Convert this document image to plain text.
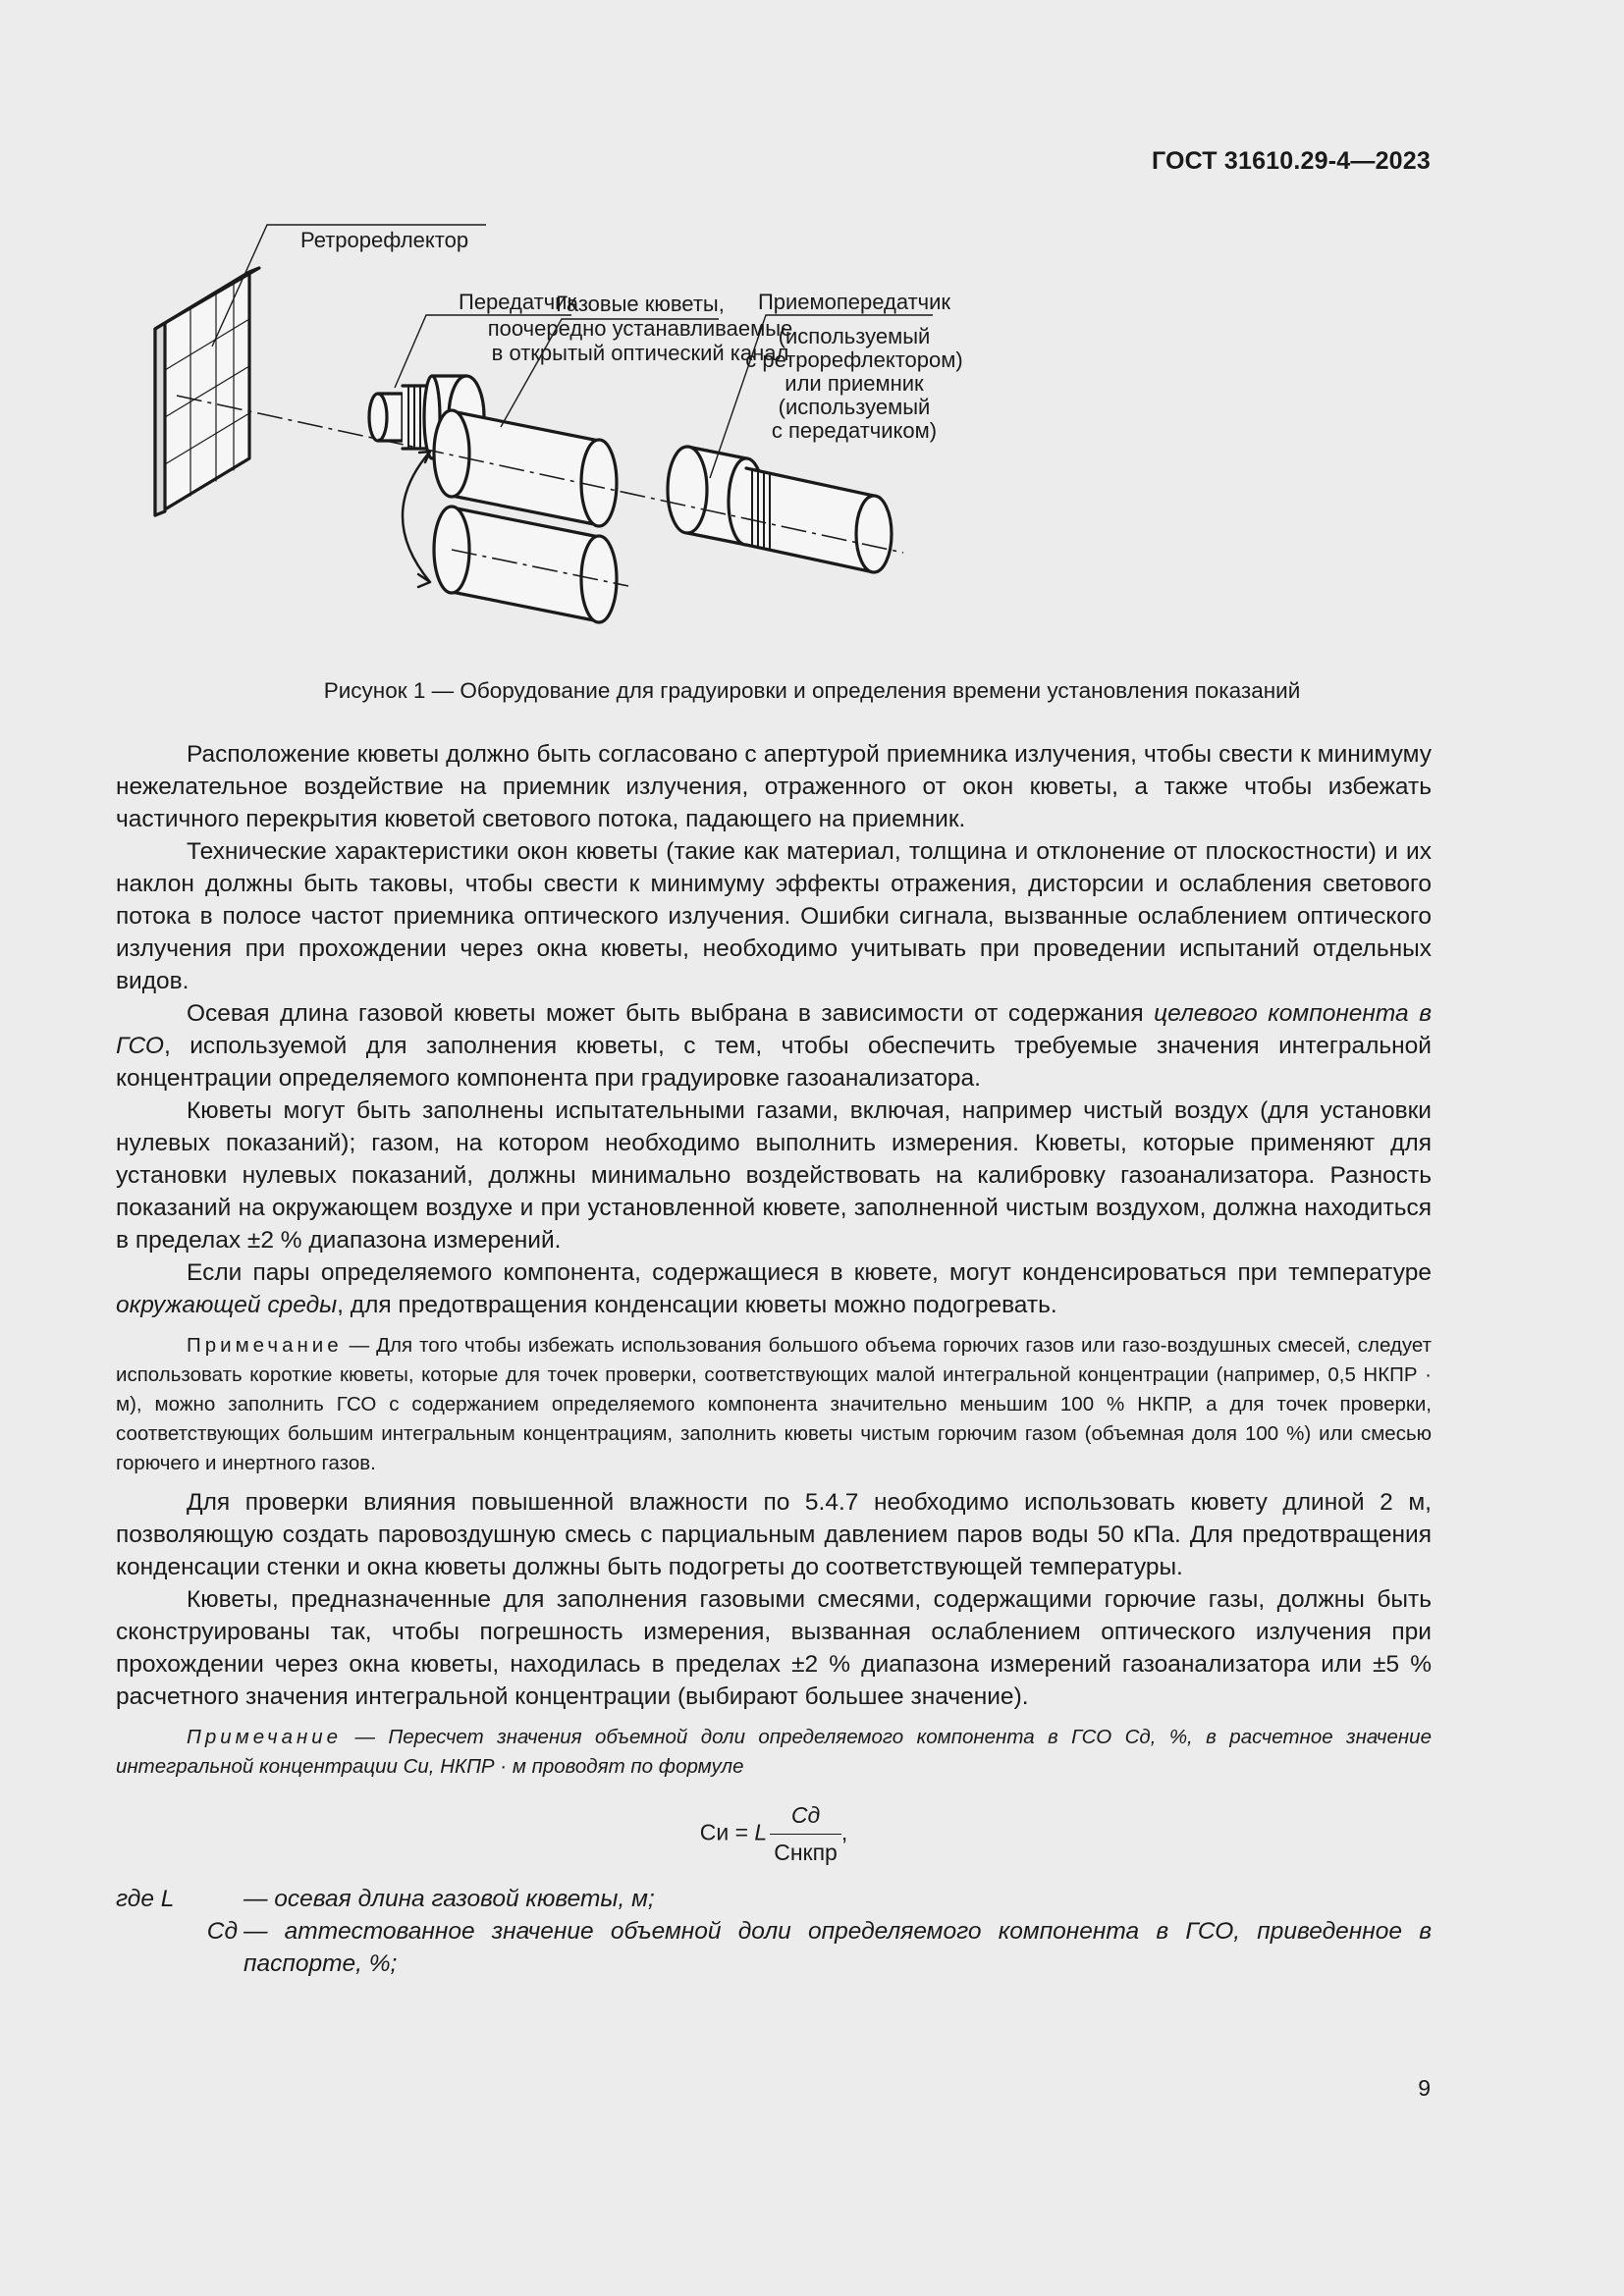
ГОСТ 31610.29-4—2023
Ретрорефлектор
Передатчик
Газовые кюветы,
поочередно устанавливаемые
в открытый оптический канал
Приемопередатчик
(используемый
с ретрорефлектором)
или приемник
(используемый
с передатчиком)
Рисунок 1 — Оборудование для градуировки и определения времени установления показаний

Расположение кюветы должно быть согласовано с апертурой приемника излучения, чтобы свести к минимуму нежелательное воздействие на приемник излучения, отраженного от окон кюветы, а также чтобы избежать частичного перекрытия кюветой светового потока, падающего на приемник.

Технические характеристики окон кюветы (такие как материал, толщина и отклонение от плоскостности) и их наклон должны быть таковы, чтобы свести к минимуму эффекты отражения, дисторсии и ослабления светового потока в полосе частот приемника оптического излучения. Ошибки сигнала, вызванные ослаблением оптического излучения при прохождении через окна кюветы, необходимо учитывать при проведении испытаний отдельных видов.

Осевая длина газовой кюветы может быть выбрана в зависимости от содержания целевого компонента в ГСО, используемой для заполнения кюветы, с тем, чтобы обеспечить требуемые значения интегральной концентрации определяемого компонента при градуировке газоанализатора.

Кюветы могут быть заполнены испытательными газами, включая, например чистый воздух (для установки нулевых показаний); газом, на котором необходимо выполнить измерения. Кюветы, которые применяют для установки нулевых показаний, должны минимально воздействовать на калибровку газоанализатора. Разность показаний на окружающем воздухе и при установленной кювете, заполненной чистым воздухом, должна находиться в пределах ±2 % диапазона измерений.

Если пары определяемого компонента, содержащиеся в кювете, могут конденсироваться при температуре окружающей среды, для предотвращения конденсации кюветы можно подогревать.

Примечание — Для того чтобы избежать использования большого объема горючих газов или газо-воздушных смесей, следует использовать короткие кюветы, которые для точек проверки, соответствующих малой интегральной концентрации (например, 0,5 НКПР · м), можно заполнить ГСО с содержанием определяемого компонента значительно меньшим 100 % НКПР, а для точек проверки, соответствующих большим интегральным концентрациям, заполнить кюветы чистым горючим газом (объемная доля 100 %) или смесью горючего и инертного газов.

Для проверки влияния повышенной влажности по 5.4.7 необходимо использовать кювету длиной 2 м, позволяющую создать паровоздушную смесь с парциальным давлением паров воды 50 кПа. Для предотвращения конденсации стенки и окна кюветы должны быть подогреты до соответствующей температуры.

Кюветы, предназначенные для заполнения газовыми смесями, содержащими горючие газы, должны быть сконструированы так, чтобы погрешность измерения, вызванная ослаблением оптического излучения при прохождении через окна кюветы, находилась в пределах ±2 % диапазона измерений газоанализатора или ±5 % расчетного значения интегральной концентрации (выбирают большее значение).

Примечание — Пересчет значения объемной доли определяемого компонента в ГСО Сд, %, в расчетное значение интегральной концентрации Си, НКПР · м проводят по формуле

Си = L $\frac{Сд}{\text{Снкпр}}$ ,
где L	— осевая длина газовой кюветы, м;
Сд — аттестованное значение объемной доли определяемого компонента в ГСО, приведенное в паспорте, %;
9
